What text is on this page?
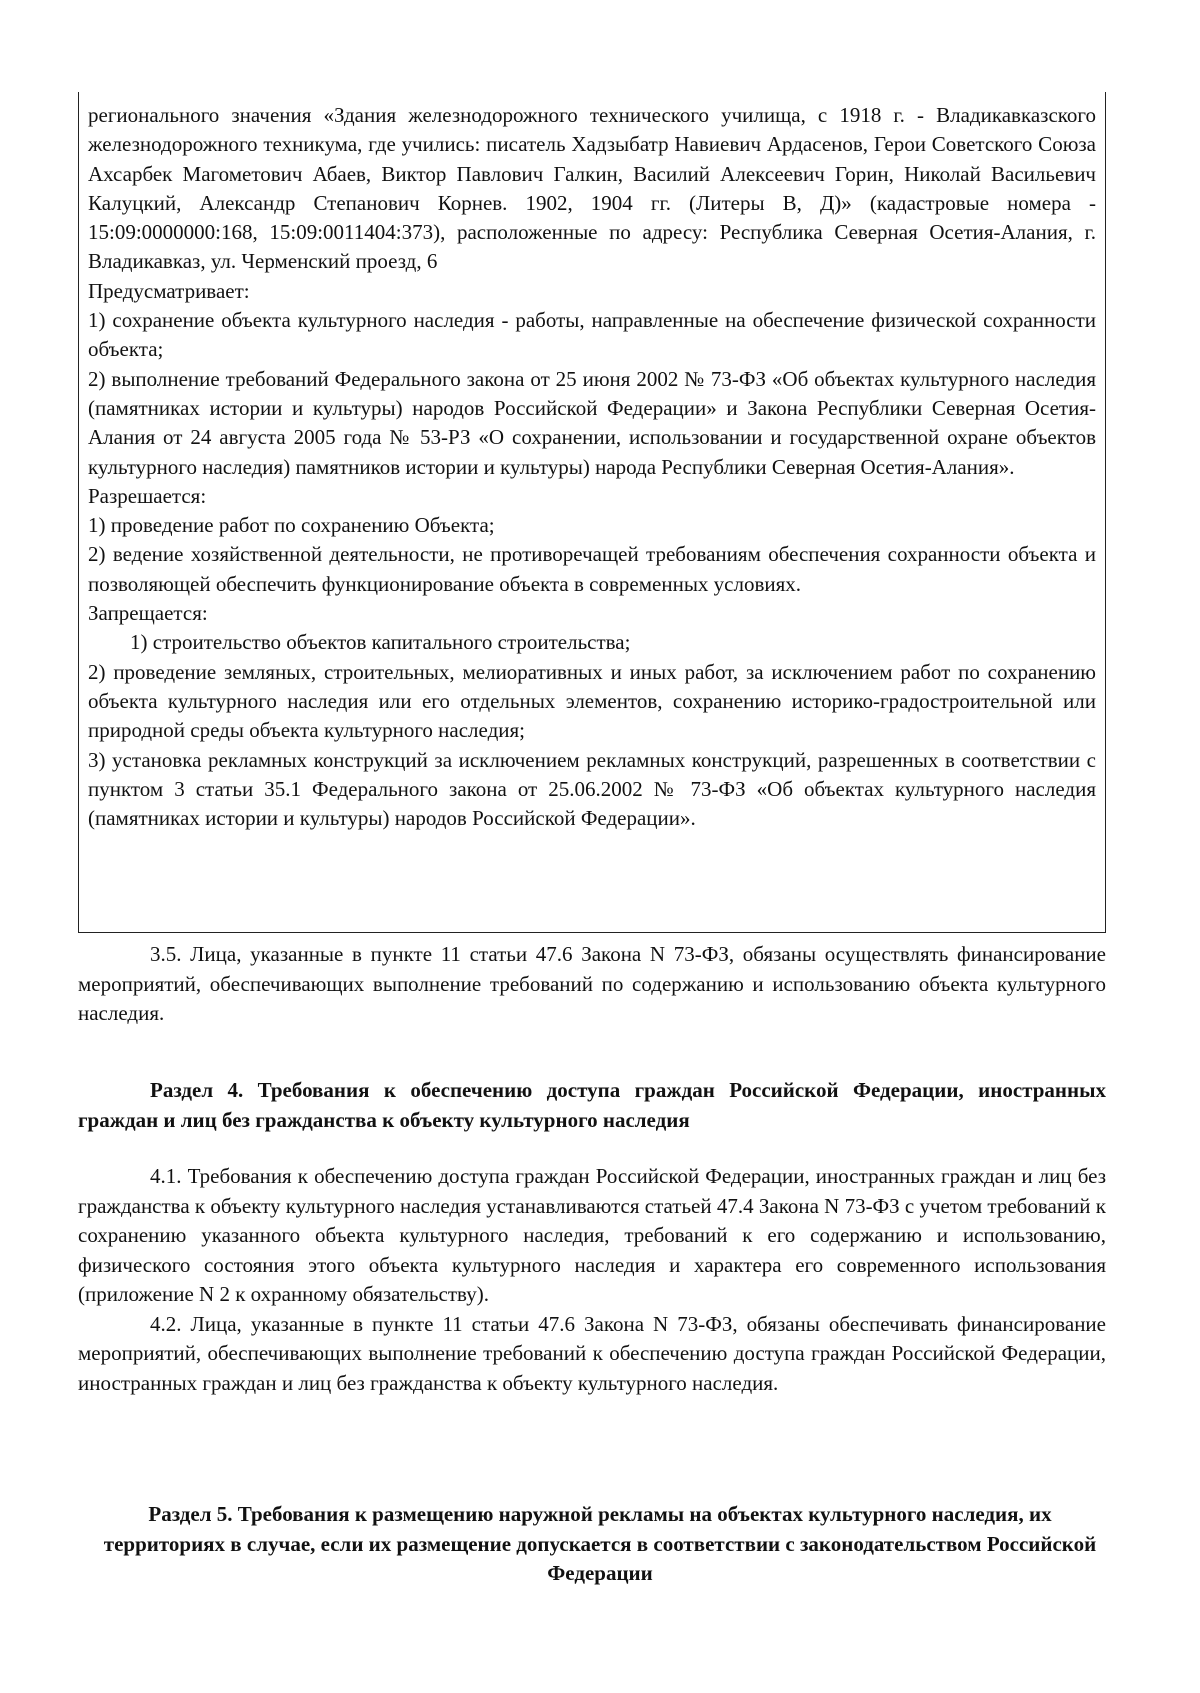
регионального значения «Здания железнодорожного технического училища, с 1918 г. - Владикавказского железнодорожного техникума, где учились: писатель Хадзыбатр Навиевич Ардасенов, Герои Советского Союза Ахсарбек Магометович Абаев, Виктор Павлович Галкин, Василий Алексеевич Горин, Николай Васильевич Калуцкий, Александр Степанович Корнев. 1902, 1904 гг. (Литеры В, Д)» (кадастровые номера - 15:09:0000000:168, 15:09:0011404:373), расположенные по адресу: Республика Северная Осетия-Алания, г. Владикавказ, ул. Черменский проезд, 6

Предусматривает:

1) сохранение объекта культурного наследия - работы, направленные на обеспечение физической сохранности объекта;

2) выполнение требований Федерального закона от 25 июня 2002 № 73-ФЗ «Об объектах культурного наследия (памятниках истории и культуры) народов Российской Федерации» и Закона Республики Северная Осетия-Алания от 24 августа 2005 года № 53-РЗ «О сохранении, использовании и государственной охране объектов культурного наследия) памятников истории и культуры) народа Республики Северная Осетия-Алания».

Разрешается:

1) проведение работ по сохранению Объекта;

2) ведение хозяйственной деятельности, не противоречащей требованиям обеспечения сохранности объекта и позволяющей обеспечить функционирование объекта в современных условиях.

Запрещается:

1) строительство объектов капитального строительства;

2) проведение земляных, строительных, мелиоративных и иных работ, за исключением работ по сохранению объекта культурного наследия или его отдельных элементов, сохранению историко-градостроительной или природной среды объекта культурного наследия;

3) установка рекламных конструкций за исключением рекламных конструкций, разрешенных в соответствии с пунктом 3 статьи 35.1 Федерального закона от 25.06.2002 № 73-ФЗ «Об объектах культурного наследия (памятниках истории и культуры) народов Российской Федерации».

3.5. Лица, указанные в пункте 11 статьи 47.6 Закона N 73-ФЗ, обязаны осуществлять финансирование мероприятий, обеспечивающих выполнение требований по содержанию и использованию объекта культурного наследия.

Раздел 4. Требования к обеспечению доступа граждан Российской Федерации, иностранных граждан и лиц без гражданства к объекту культурного наследия

4.1. Требования к обеспечению доступа граждан Российской Федерации, иностранных граждан и лиц без гражданства к объекту культурного наследия устанавливаются статьей 47.4 Закона N 73-ФЗ с учетом требований к сохранению указанного объекта культурного наследия, требований к его содержанию и использованию, физического состояния этого объекта культурного наследия и характера его современного использования (приложение N 2 к охранному обязательству).

4.2. Лица, указанные в пункте 11 статьи 47.6 Закона N 73-ФЗ, обязаны обеспечивать финансирование мероприятий, обеспечивающих выполнение требований к обеспечению доступа граждан Российской Федерации, иностранных граждан и лиц без гражданства к объекту культурного наследия.

Раздел 5. Требования к размещению наружной рекламы на объектах культурного наследия, их территориях в случае, если их размещение допускается в соответствии с законодательством Российской Федерации
